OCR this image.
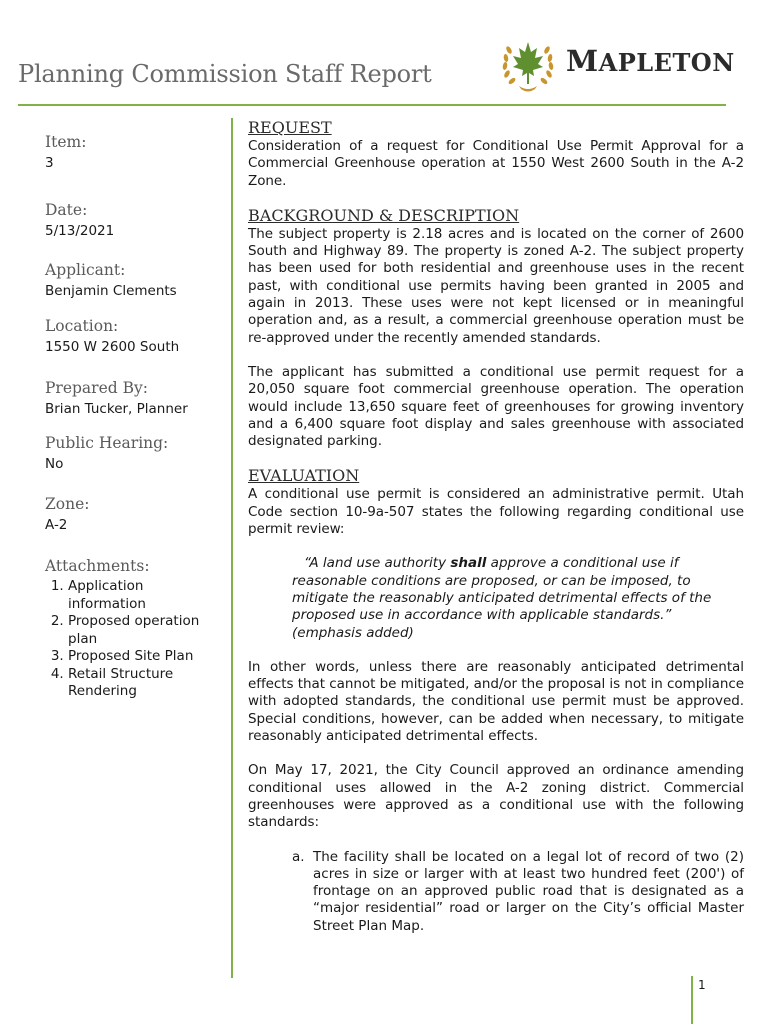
MAPLETON
Planning Commission Staff Report
Item:
3
Date:
5/13/2021
Applicant:
Benjamin Clements
Location:
1550 W 2600 South
Prepared By:
Brian Tucker, Planner
Public Hearing:
No
Zone:
A-2
Attachments:
1. Application information
2. Proposed operation plan
3. Proposed Site Plan
4. Retail Structure Rendering
REQUEST

Consideration of a request for Conditional Use Permit Approval for a Commercial Greenhouse operation at 1550 West 2600 South in the A-2 Zone.

BACKGROUND & DESCRIPTION

The subject property is 2.18 acres and is located on the corner of 2600 South and Highway 89. The property is zoned A-2. The subject property has been used for both residential and greenhouse uses in the recent past, with conditional use permits having been granted in 2005 and again in 2013. These uses were not kept licensed or in meaningful operation and, as a result, a commercial greenhouse operation must be re-approved under the recently amended standards.

The applicant has submitted a conditional use permit request for a 20,050 square foot commercial greenhouse operation. The operation would include 13,650 square feet of greenhouses for growing inventory and a 6,400 square foot display and sales greenhouse with associated designated parking.

EVALUATION

A conditional use permit is considered an administrative permit. Utah Code section 10-9a-507 states the following regarding conditional use permit review:

“A land use authority shall approve a conditional use if reasonable conditions are proposed, or can be imposed, to mitigate the reasonably anticipated detrimental effects of the proposed use in accordance with applicable standards.” (emphasis added)

In other words, unless there are reasonably anticipated detrimental effects that cannot be mitigated, and/or the proposal is not in compliance with adopted standards, the conditional use permit must be approved. Special conditions, however, can be added when necessary, to mitigate reasonably anticipated detrimental effects.

On May 17, 2021, the City Council approved an ordinance amending conditional uses allowed in the A-2 zoning district. Commercial greenhouses were approved as a conditional use with the following standards:

a. The facility shall be located on a legal lot of record of two (2) acres in size or larger with at least two hundred feet (200') of frontage on an approved public road that is designated as a “major residential” road or larger on the City’s official Master Street Plan Map.
1
